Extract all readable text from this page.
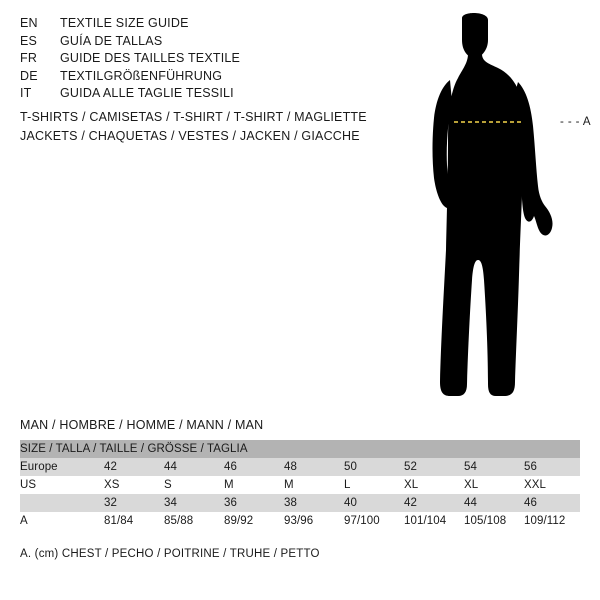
EN	TEXTILE SIZE GUIDE
ES	GUÍA DE TALLAS
FR	GUIDE DES TAILLES TEXTILE
DE	TEXTILGRÖßENFÜHRUNG
IT	GUIDA ALLE TAGLIE TESSILI
T-SHIRTS / CAMISETAS / T-SHIRT / T-SHIRT / MAGLIETTE
JACKETS / CHAQUETAS / VESTES / JACKEN / GIACCHE
- - - A
MAN / HOMBRE / HOMME / MANN / MAN
SIZE / TALLA / TAILLE / GRÖSSE / TAGLIA								
Europe	42	44	46	48	50	52	54	56
US	XS	S	M	M	L	XL	XL	XXL
	32	34	36	38	40	42	44	46
A	81/84	85/88	89/92	93/96	97/100	101/104	105/108	109/112
A. (cm) CHEST / PECHO / POITRINE / TRUHE / PETTO
